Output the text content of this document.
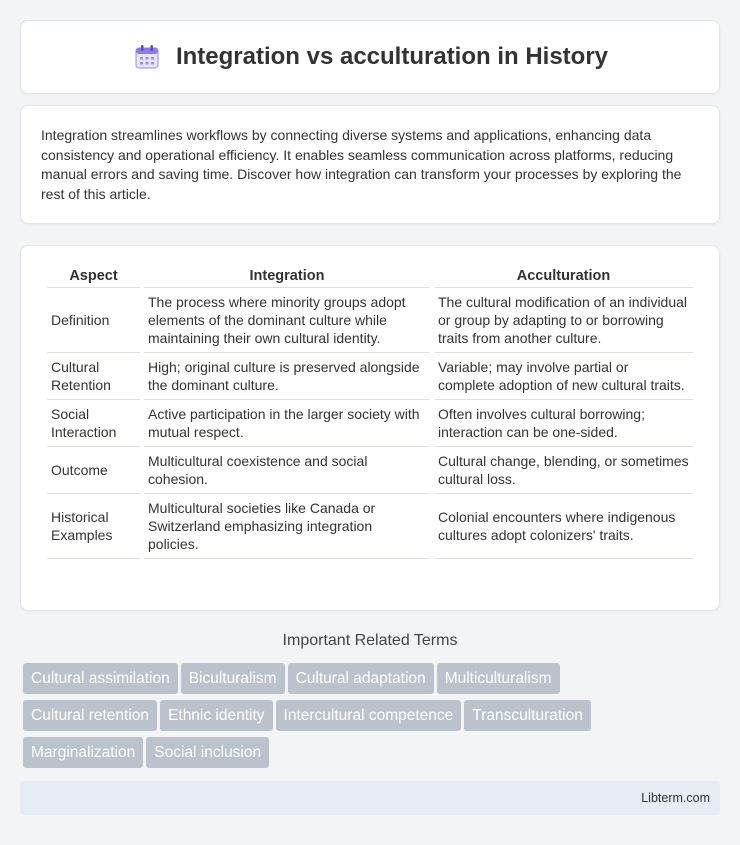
Integration vs acculturation in History

Integration streamlines workflows by connecting diverse systems and applications, enhancing data consistency and operational efficiency. It enables seamless communication across platforms, reducing manual errors and saving time. Discover how integration can transform your processes by exploring the rest of this article.

Aspect	Integration	Acculturation
Definition	The process where minority groups adopt elements of the dominant culture while maintaining their own cultural identity.	The cultural modification of an individual or group by adapting to or borrowing traits from another culture.
Cultural Retention	High; original culture is preserved alongside the dominant culture.	Variable; may involve partial or complete adoption of new cultural traits.
Social Interaction	Active participation in the larger society with mutual respect.	Often involves cultural borrowing; interaction can be one-sided.
Outcome	Multicultural coexistence and social cohesion.	Cultural change, blending, or sometimes cultural loss.
Historical Examples	Multicultural societies like Canada or Switzerland emphasizing integration policies.	Colonial encounters where indigenous cultures adopt colonizers' traits.
Important Related Terms
Cultural assimilation Biculturalism Cultural adaptation Multiculturalism
Cultural retention Ethnic identity Intercultural competence Transculturation
Marginalization Social inclusion
Libterm.com
